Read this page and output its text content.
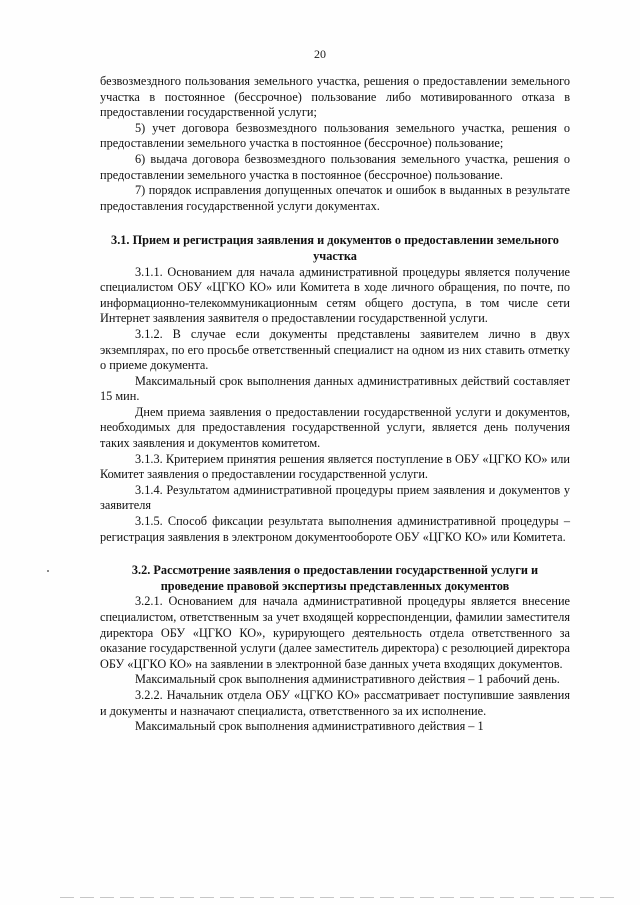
20

безвозмездного пользования земельного участка, решения о предоставлении земельного участка в постоянное (бессрочное) пользование либо мотивированного отказа в предоставлении государственной услуги;

5) учет договора безвозмездного пользования земельного участка, решения о предоставлении земельного участка в постоянное (бессрочное) пользование;

6) выдача договора безвозмездного пользования земельного участка, решения о предоставлении земельного участка в постоянное (бессрочное) пользование.

7) порядок исправления допущенных опечаток и ошибок в выданных в результате предоставления государственной услуги документах.

3.1. Прием и регистрация заявления и документов о предоставлении земельного участка

3.1.1. Основанием для начала административной процедуры является получение специалистом ОБУ «ЦГКО КО» или Комитета в ходе личного обращения, по почте, по информационно-телекоммуникационным сетям общего доступа, в том числе сети Интернет заявления заявителя о предоставлении государственной услуги.

3.1.2. В случае если документы представлены заявителем лично в двух экземплярах, по его просьбе ответственный специалист на одном из них ставить отметку о приеме документа.

Максимальный срок выполнения данных административных действий составляет 15 мин.

Днем приема заявления о предоставлении государственной услуги и документов, необходимых для предоставления государственной услуги, является день получения таких заявления и документов комитетом.

3.1.3. Критерием принятия решения является поступление в ОБУ «ЦГКО КО» или Комитет заявления о предоставлении государственной услуги.

3.1.4. Результатом административной процедуры прием заявления и документов у заявителя

3.1.5. Способ фиксации результата выполнения административной процедуры – регистрация заявления в электроном документообороте ОБУ «ЦГКО КО» или Комитета.

3.2. Рассмотрение заявления о предоставлении государственной услуги и проведение правовой экспертизы представленных документов

3.2.1. Основанием для начала административной процедуры является внесение специалистом, ответственным за учет входящей корреспонденции, фамилии заместителя директора ОБУ «ЦГКО КО», курирующего деятельность отдела ответственного за оказание государственной услуги (далее заместитель директора) с резолюцией директора ОБУ «ЦГКО КО» на заявлении в электронной базе данных учета входящих документов.

Максимальный срок выполнения административного действия – 1 рабочий день.

3.2.2. Начальник отдела ОБУ «ЦГКО КО» рассматривает поступившие заявления и документы и назначают специалиста, ответственного за их исполнение.

Максимальный срок выполнения административного действия – 1
